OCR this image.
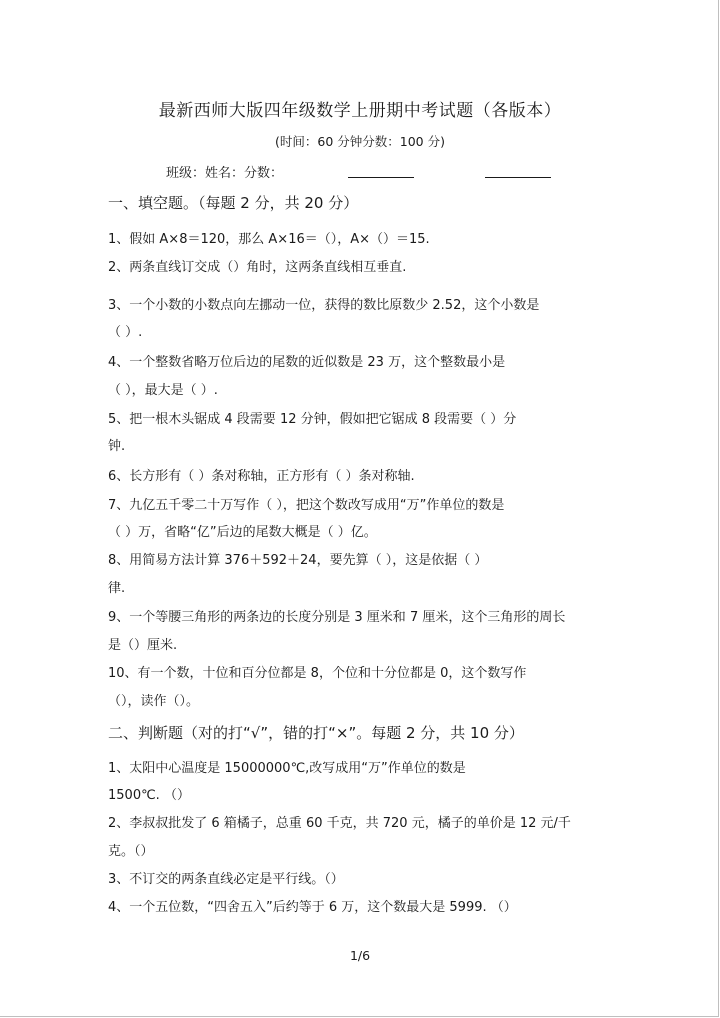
最新西师大版四年级数学上册期中考试题（各版本）
(时间：60 分钟分数：100 分)
班级：姓名：分数：
一、填空题。（每题 2 分，共 20 分）
1、假如 A×8＝120，那么 A×16＝（），A×（）＝15.
2、两条直线订交成（）角时，这两条直线相互垂直.
3、一个小数的小数点向左挪动一位，获得的数比原数少 2.52，这个小数是
（ ）.
4、一个整数省略万位后边的尾数的近似数是 23 万，这个整数最小是
（ ），最大是（ ）.
5、把一根木头锯成 4 段需要 12 分钟，假如把它锯成 8 段需要（ ）分
钟.
6、长方形有（ ）条对称轴，正方形有（ ）条对称轴.
7、九亿五千零二十万写作（ ），把这个数改写成用“万”作单位的数是
（ ）万，省略“亿”后边的尾数大概是（ ）亿。
8、用简易方法计算 376＋592＋24，要先算（ ），这是依据（ ）
律.
9、一个等腰三角形的两条边的长度分别是 3 厘米和 7 厘米，这个三角形的周长
是（）厘米.
10、有一个数，十位和百分位都是 8，个位和十分位都是 0，这个数写作
（），读作（）。
二、判断题（对的打“√”，错的打“×”。每题 2 分，共 10 分）
1、太阳中心温度是 15000000℃,改写成用“万”作单位的数是
1500℃. （）
2、李叔叔批发了 6 箱橘子，总重 60 千克，共 720 元，橘子的单价是 12 元/千
克。（）
3、不订交的两条直线必定是平行线。（）
4、一个五位数，“四舍五入”后约等于 6 万，这个数最大是 5999. （）
1/6
